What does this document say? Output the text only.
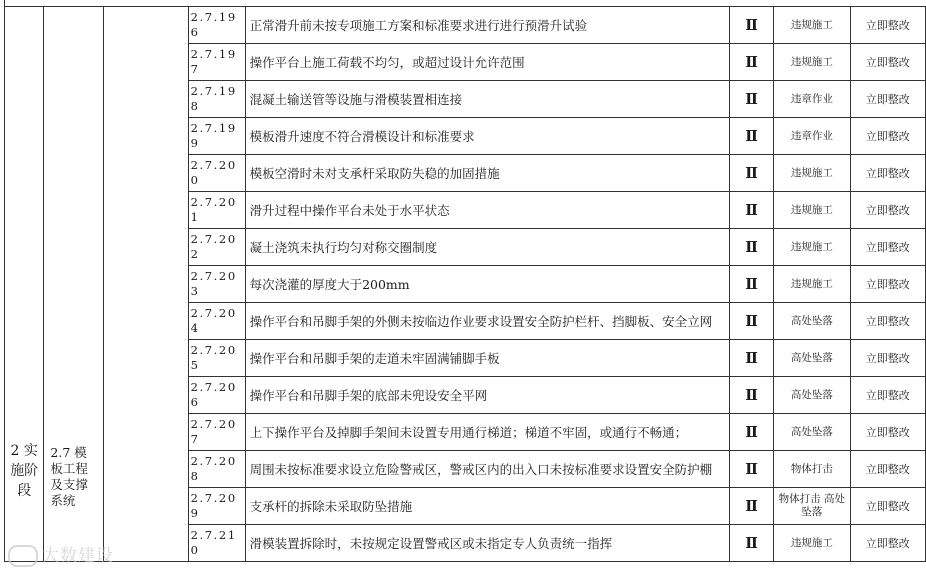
2 实施阶段	2.7 模板工程及支撑系统		2.7.196	正常滑升前未按专项施工方案和标准要求进行进行预滑升试验	Ⅱ	违规施工	立即整改
			2.7.197	操作平台上施工荷载不均匀，或超过设计允许范围	Ⅱ	违规施工	立即整改
			2.7.198	混凝土输送管等设施与滑模装置相连接	Ⅱ	违章作业	立即整改
			2.7.199	模板滑升速度不符合滑模设计和标准要求	Ⅱ	违章作业	立即整改
			2.7.200	模板空滑时未对支承杆采取防失稳的加固措施	Ⅱ	违规施工	立即整改
			2.7.201	滑升过程中操作平台未处于水平状态	Ⅱ	违规施工	立即整改
			2.7.202	凝土浇筑未执行均匀对称交圈制度	Ⅱ	违规施工	立即整改
			2.7.203	每次浇灌的厚度大于200mm	Ⅱ	违规施工	立即整改
			2.7.204	操作平台和吊脚手架的外侧未按临边作业要求设置安全防护栏杆、挡脚板、安全立网	Ⅱ	高处坠落	立即整改
			2.7.205	操作平台和吊脚手架的走道未牢固满铺脚手板	Ⅱ	高处坠落	立即整改
			2.7.206	操作平台和吊脚手架的底部未兜设安全平网	Ⅱ	高处坠落	立即整改
			2.7.207	上下操作平台及掉脚手架间未设置专用通行梯道；梯道不牢固，或通行不畅通；	Ⅱ	高处坠落	立即整改
			2.7.208	周围未按标准要求设立危险警戒区，警戒区内的出入口未按标准要求设置安全防护棚	Ⅱ	物体打击	立即整改
			2.7.209	支承杆的拆除未采取防坠措施	Ⅱ	物体打击 高处坠落	立即整改
			2.7.210	滑模装置拆除时，未按规定设置警戒区或未指定专人负责统一指挥	Ⅱ	违规施工	立即整改
大数建设
